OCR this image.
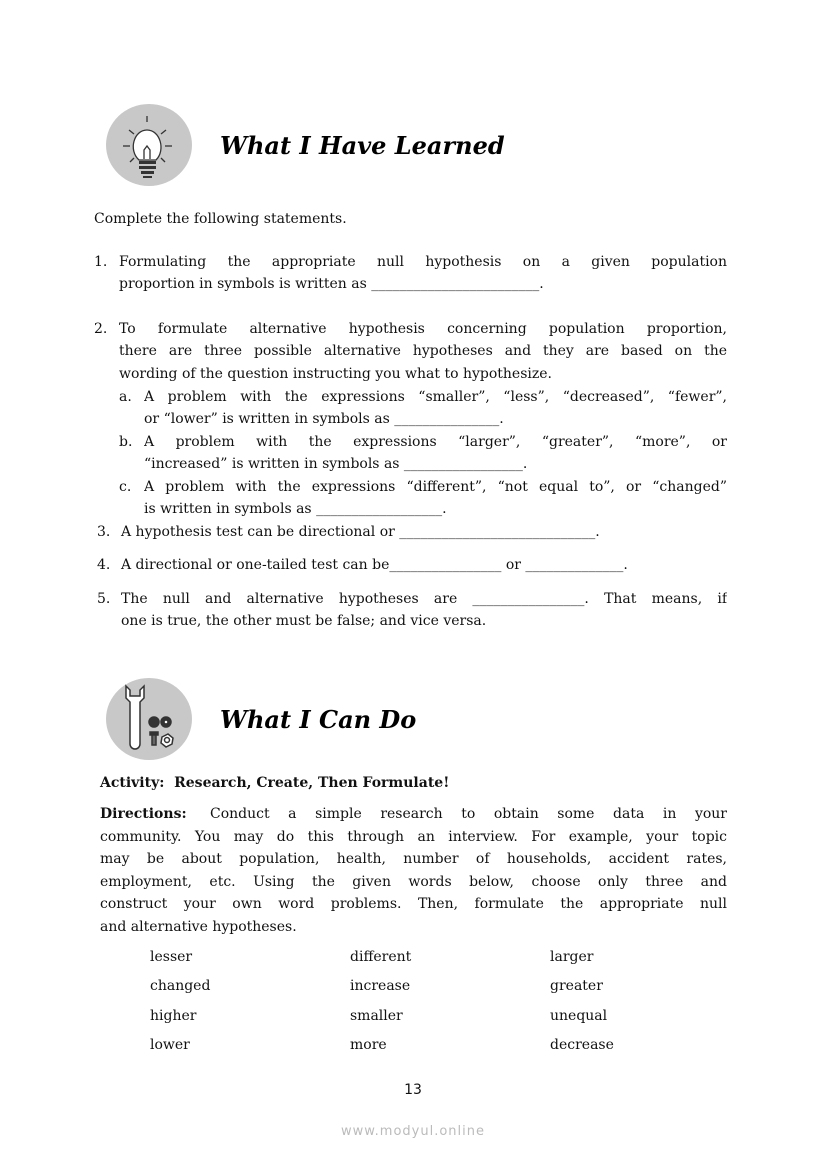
What I Have Learned
Complete the following statements.
1. Formulating the appropriate null hypothesis on a given population
proportion in symbols is written as ________________________.
2. To formulate alternative hypothesis concerning population proportion,
there are three possible alternative hypotheses and they are based on the
wording of the question instructing you what to hypothesize.
a. A problem with the expressions “smaller”, “less”, “decreased”, “fewer”,
or “lower” is written in symbols as _______________.
b. A problem with the expressions “larger”, “greater”, “more”, or
“increased” is written in symbols as _________________.
c. A problem with the expressions “different”, “not equal to”, or “changed”
is written in symbols as __________________.
3. A hypothesis test can be directional or ____________________________.
4. A directional or one-tailed test can be________________ or ______________.
5. The null and alternative hypotheses are ________________. That means, if
one is true, the other must be false; and vice versa.
What I Can Do
Activity:  Research, Create, Then Formulate!
Directions: Conduct a simple research to obtain some data in your
community. You may do this through an interview. For example, your topic
may be about population, health, number of households, accident rates,
employment, etc. Using the given words below, choose only three and
construct your own word problems. Then, formulate the appropriate null
and alternative hypotheses.
lesser	different	larger
changed	increase	greater
higher	smaller	unequal
lower	more	decrease
13
www.modyul.online
